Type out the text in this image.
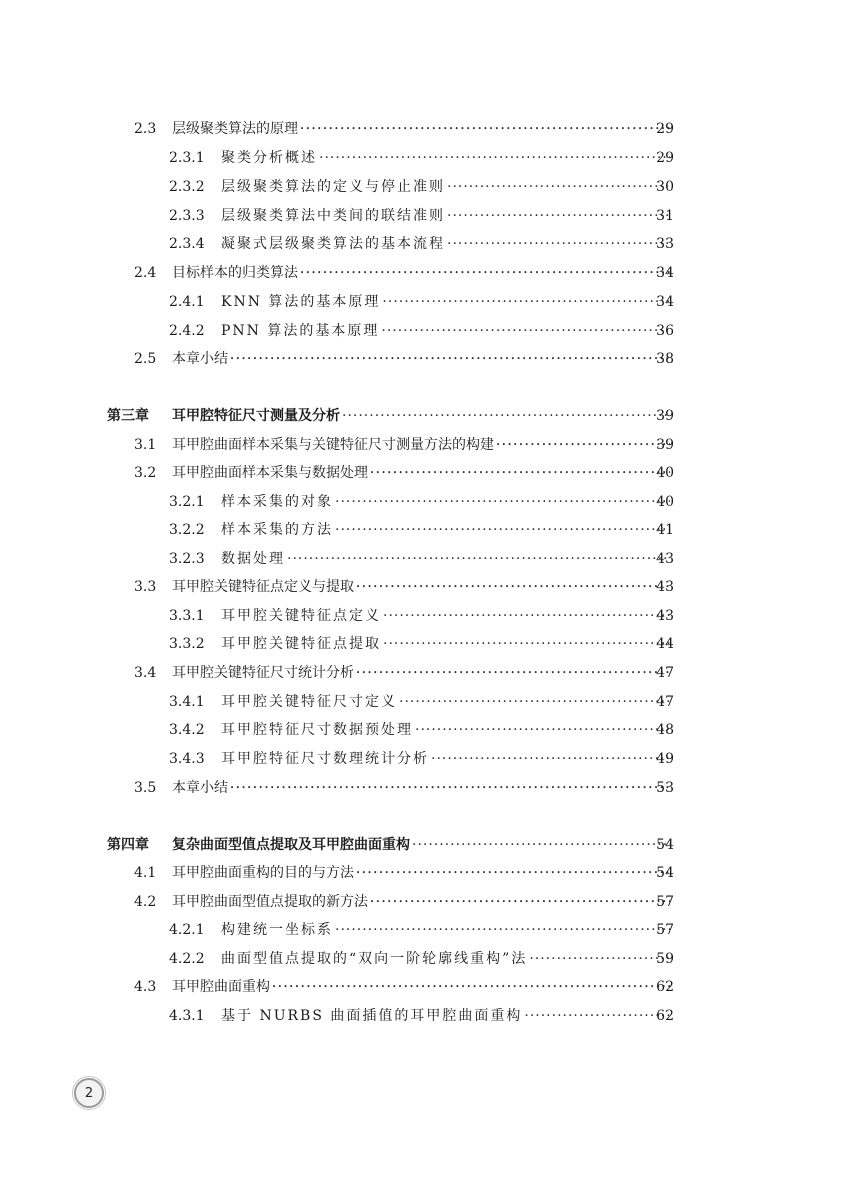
2.3 层级聚类算法的原理 •••••	29
2.3.1 聚类分析概述 ·····	29
2.3.2 层级聚类算法的定义与停止准则 ·····	30
2.3.3 层级聚类算法中类间的联结准则 ·····	31
2.3.4 凝聚式层级聚类算法的基本流程 ·····	33
2.4 目标样本的归类算法 •••••	34
2.4.1 KNN 算法的基本原理 ·····	34
2.4.2 PNN 算法的基本原理 ·····	36
2.5 本章小结 •••••	38
第三章 耳甲腔特征尺寸测量及分析 ·····	39
3.1 耳甲腔曲面样本采集与关键特征尺寸测量方法的构建 •••••	39
3.2 耳甲腔曲面样本采集与数据处理 •••••	40
3.2.1 样本采集的对象 ·····	40
3.2.2 样本采集的方法 ·····	41
3.2.3 数据处理 ·····	43
3.3 耳甲腔关键特征点定义与提取 •••••	43
3.3.1 耳甲腔关键特征点定义 ·····	43
3.3.2 耳甲腔关键特征点提取 ·····	44
3.4 耳甲腔关键特征尺寸统计分析 •••••	47
3.4.1 耳甲腔关键特征尺寸定义 ·····	47
3.4.2 耳甲腔特征尺寸数据预处理 ·····	48
3.4.3 耳甲腔特征尺寸数理统计分析 ·····	49
3.5 本章小结 •••••	53
第四章 复杂曲面型值点提取及耳甲腔曲面重构 ·····	54
4.1 耳甲腔曲面重构的目的与方法 •••••	54
4.2 耳甲腔曲面型值点提取的新方法 •••••	57
4.2.1 构建统一坐标系 ·····	57
4.2.2 曲面型值点提取的“双向一阶轮廓线重构”法 ·····	59
4.3 耳甲腔曲面重构 •••••	62
4.3.1 基于 NURBS 曲面插值的耳甲腔曲面重构 ·····	62
2
